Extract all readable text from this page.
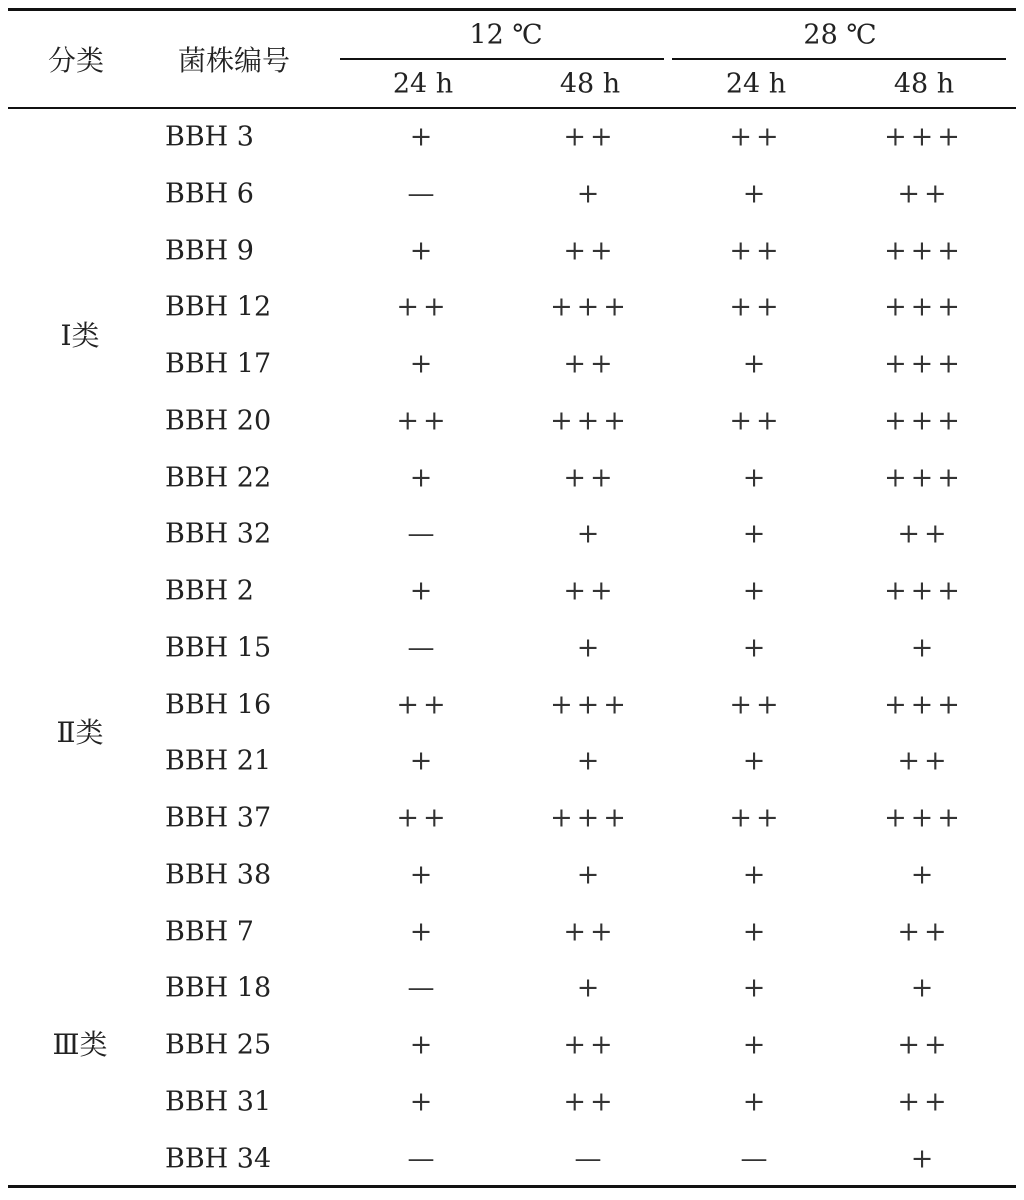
分类	菌株编号
12 ℃	28 ℃
24 h	48 h	24 h	48 h
BBH 3	+	++	++	+++
BBH 6	—	+	+	++
BBH 9	+	++	++	+++
BBH 12	++	+++	++	+++
BBH 17	+	++	+	+++
BBH 20	++	+++	++	+++
BBH 22	+	++	+	+++
BBH 32	—	+	+	++
Ⅰ类
BBH 2	+	++	+	+++
BBH 15	—	+	+	+
BBH 16	++	+++	++	+++
BBH 21	+	+	+	++
BBH 37	++	+++	++	+++
BBH 38	+	+	+	+
Ⅱ类
BBH 7	+	++	+	++
BBH 18	—	+	+	+
BBH 25	+	++	+	++
BBH 31	+	++	+	++
BBH 34	—	—	—	+
Ⅲ类
